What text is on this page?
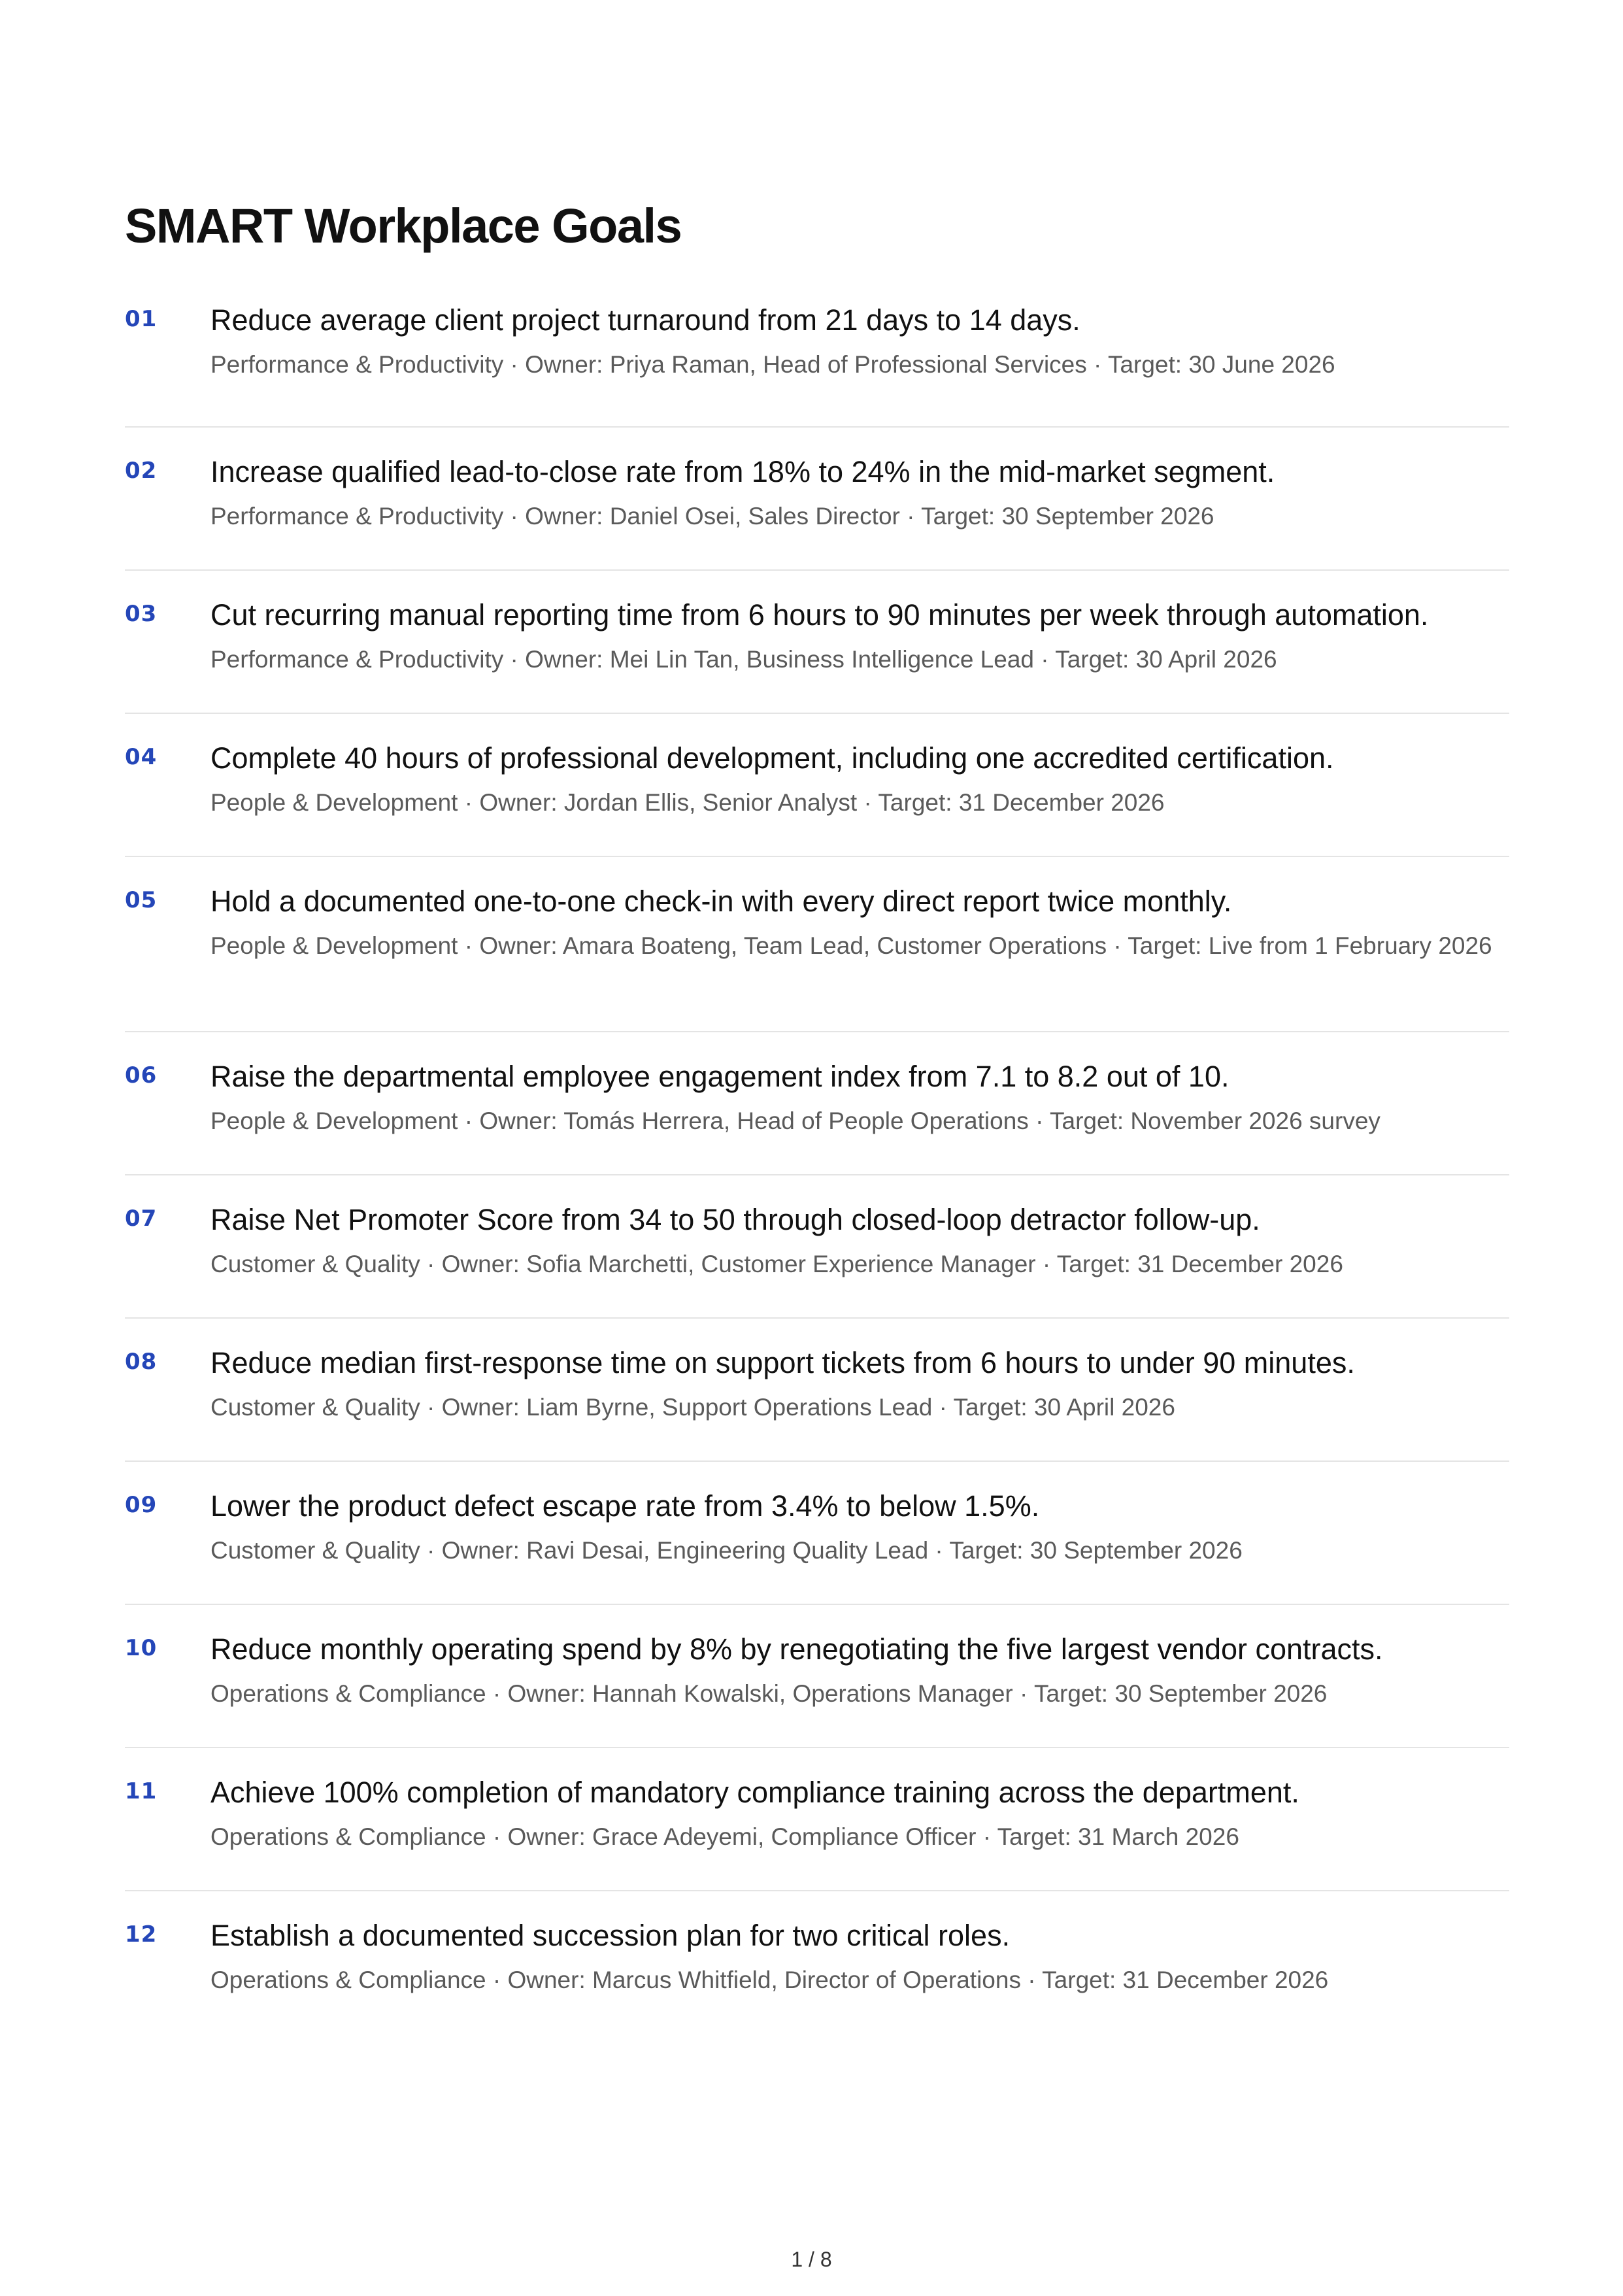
SMART Workplace Goals
01 Reduce average client project turnaround from 21 days to 14 days.
Performance & Productivity · Owner: Priya Raman, Head of Professional Services · Target: 30 June 2026
02 Increase qualified lead-to-close rate from 18% to 24% in the mid-market segment.
Performance & Productivity · Owner: Daniel Osei, Sales Director · Target: 30 September 2026
03 Cut recurring manual reporting time from 6 hours to 90 minutes per week through automation.
Performance & Productivity · Owner: Mei Lin Tan, Business Intelligence Lead · Target: 30 April 2026
04 Complete 40 hours of professional development, including one accredited certification.
People & Development · Owner: Jordan Ellis, Senior Analyst · Target: 31 December 2026
05 Hold a documented one-to-one check-in with every direct report twice monthly.
People & Development · Owner: Amara Boateng, Team Lead, Customer Operations · Target: Live from 1 February 2026
06 Raise the departmental employee engagement index from 7.1 to 8.2 out of 10.
People & Development · Owner: Tomás Herrera, Head of People Operations · Target: November 2026 survey
07 Raise Net Promoter Score from 34 to 50 through closed-loop detractor follow-up.
Customer & Quality · Owner: Sofia Marchetti, Customer Experience Manager · Target: 31 December 2026
08 Reduce median first-response time on support tickets from 6 hours to under 90 minutes.
Customer & Quality · Owner: Liam Byrne, Support Operations Lead · Target: 30 April 2026
09 Lower the product defect escape rate from 3.4% to below 1.5%.
Customer & Quality · Owner: Ravi Desai, Engineering Quality Lead · Target: 30 September 2026
10 Reduce monthly operating spend by 8% by renegotiating the five largest vendor contracts.
Operations & Compliance · Owner: Hannah Kowalski, Operations Manager · Target: 30 September 2026
11 Achieve 100% completion of mandatory compliance training across the department.
Operations & Compliance · Owner: Grace Adeyemi, Compliance Officer · Target: 31 March 2026
12 Establish a documented succession plan for two critical roles.
Operations & Compliance · Owner: Marcus Whitfield, Director of Operations · Target: 31 December 2026
1 / 8
